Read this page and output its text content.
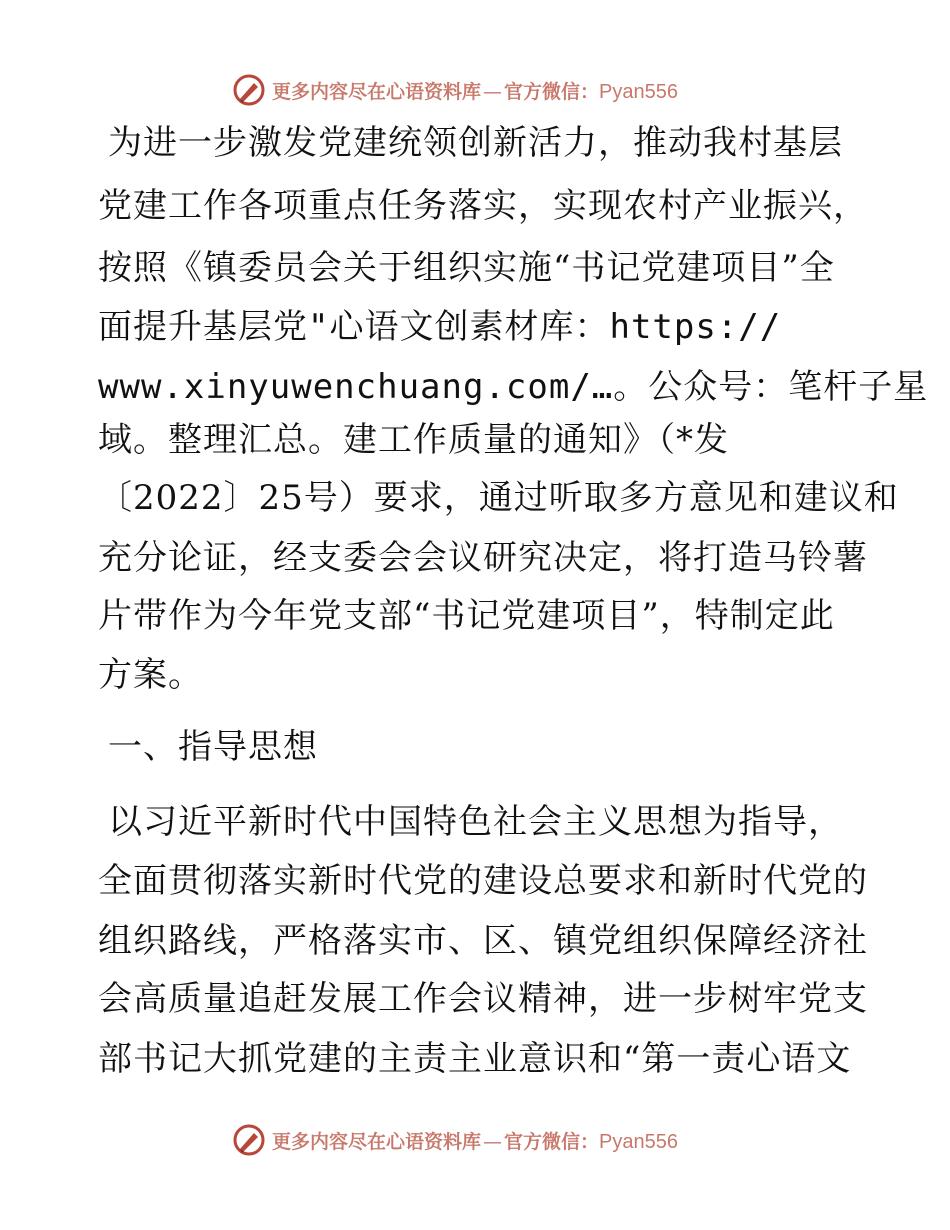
更多内容尽在心语资料库 — 官方微信：Pyan556
为进一步激发党建统领创新活力，推动我村基层
党建工作各项重点任务落实，实现农村产业振兴，
按照《镇委员会关于组织实施“书记党建项目”全
面提升基层党"心语文创素材库：https://
www.xinyuwenchuang.com/…。公众号：笔杆子星
域。整理汇总。建工作质量的通知》（*发
〔2022〕25号）要求，通过听取多方意见和建议和
充分论证，经支委会会议研究决定，将打造马铃薯
片带作为今年党支部“书记党建项目”，特制定此
方案。
一、指导思想
以习近平新时代中国特色社会主义思想为指导，
全面贯彻落实新时代党的建设总要求和新时代党的
组织路线，严格落实市、区、镇党组织保障经济社
会高质量追赶发展工作会议精神，进一步树牢党支
部书记大抓党建的主责主业意识和“第一责心语文
更多内容尽在心语资料库 — 官方微信：Pyan556
